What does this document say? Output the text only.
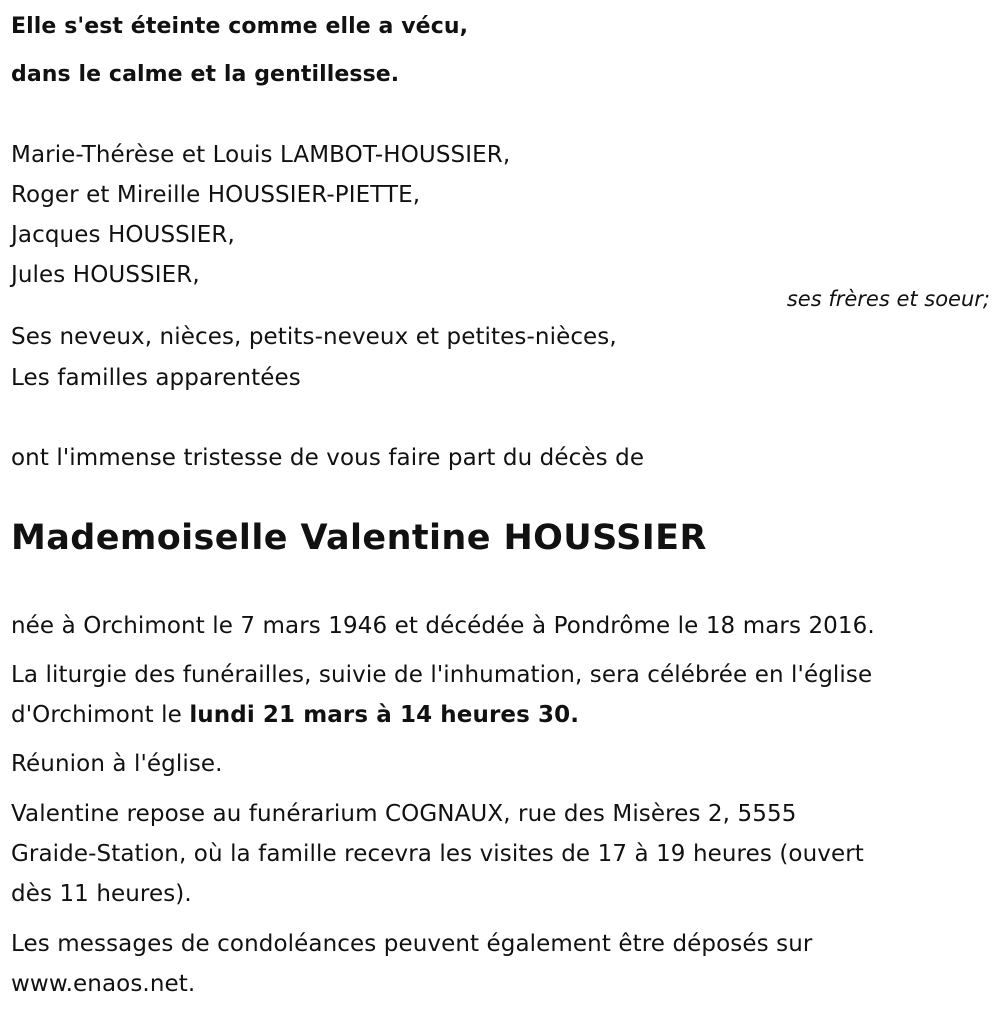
Elle s'est éteinte comme elle a vécu,
dans le calme et la gentillesse.
Marie-Thérèse et Louis LAMBOT-HOUSSIER,
Roger et Mireille HOUSSIER-PIETTE,
Jacques HOUSSIER,
Jules HOUSSIER,
ses frères et soeur;
Ses neveux, nièces, petits-neveux et petites-nièces,
Les familles apparentées
ont l'immense tristesse de vous faire part du décès de
Mademoiselle Valentine HOUSSIER
née à Orchimont le 7 mars 1946 et décédée à Pondrôme le 18 mars 2016.
La liturgie des funérailles, suivie de l'inhumation, sera célébrée en l'église
d'Orchimont le lundi 21 mars à 14 heures 30.
Réunion à l'église.
Valentine repose au funérarium COGNAUX, rue des Misères 2, 5555
Graide-Station, où la famille recevra les visites de 17 à 19 heures (ouvert
dès 11 heures).
Les messages de condoléances peuvent également être déposés sur
www.enaos.net.
